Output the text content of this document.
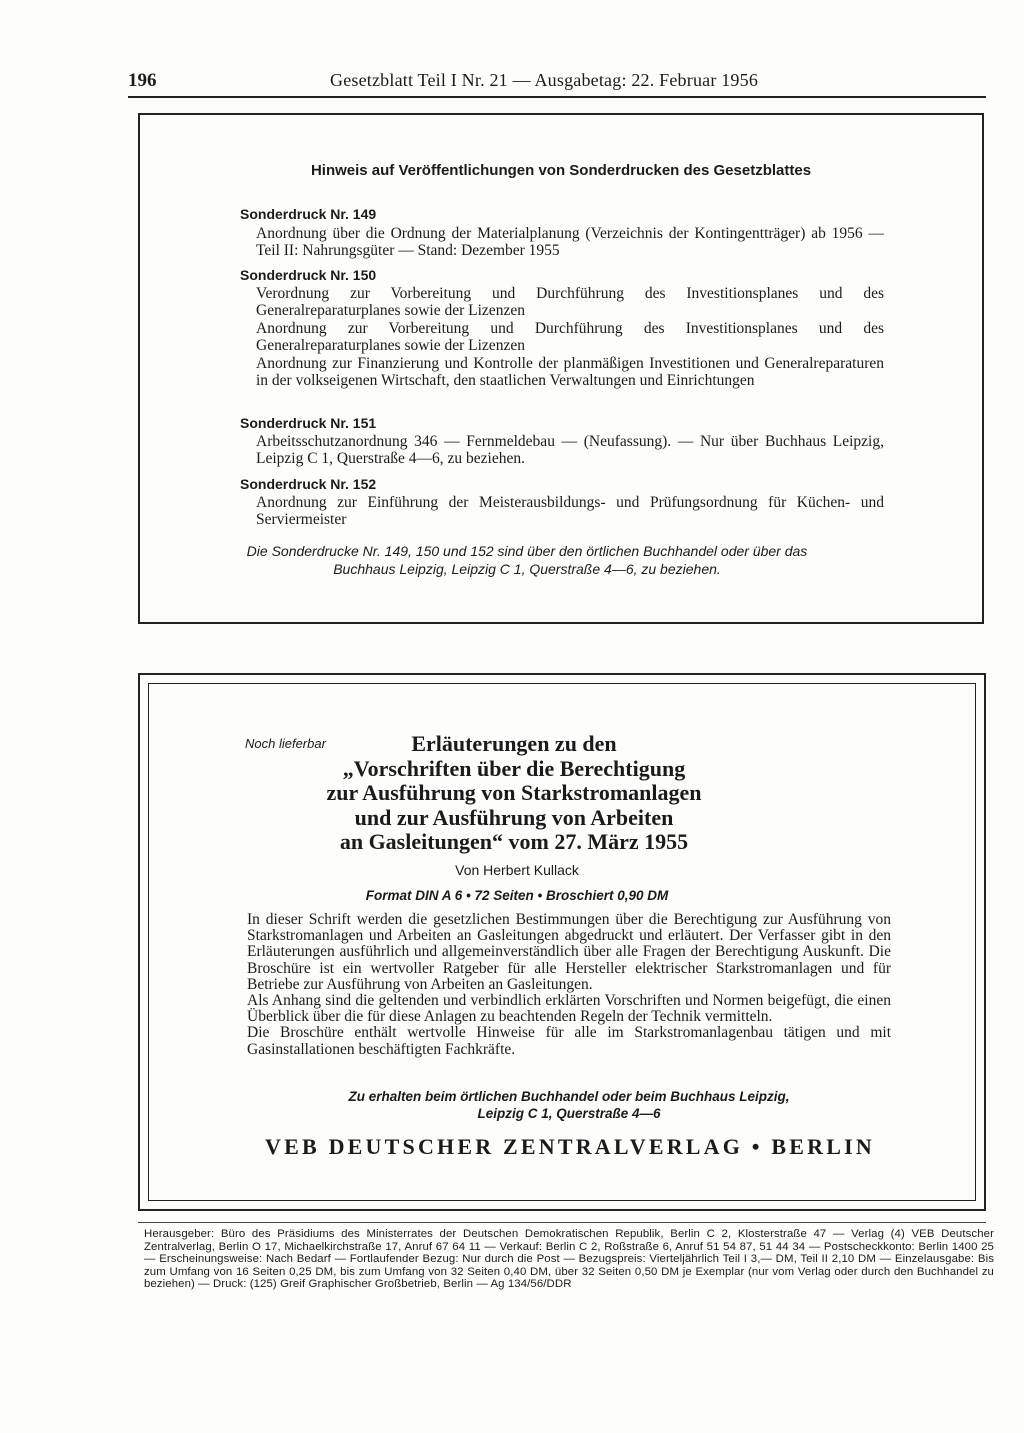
196	Gesetzblatt Teil I Nr. 21 — Ausgabetag: 22. Februar 1956
Hinweis auf Veröffentlichungen von Sonderdrucken des Gesetzblattes
Sonderdruck Nr. 149
Anordnung über die Ordnung der Materialplanung (Verzeichnis der Kontingentträger) ab 1956 — Teil II: Nahrungsgüter — Stand: Dezember 1955
Sonderdruck Nr. 150
Verordnung zur Vorbereitung und Durchführung des Investitionsplanes und des Generalreparaturplanes sowie der Lizenzen
Anordnung zur Vorbereitung und Durchführung des Investitionsplanes und des Generalreparaturplanes sowie der Lizenzen
Anordnung zur Finanzierung und Kontrolle der planmäßigen Investitionen und Generalreparaturen in der volkseigenen Wirtschaft, den staatlichen Verwaltungen und Einrichtungen
Sonderdruck Nr. 151
Arbeitsschutzanordnung 346 — Fernmeldebau — (Neufassung). — Nur über Buchhaus Leipzig, Leipzig C 1, Querstraße 4—6, zu beziehen.
Sonderdruck Nr. 152
Anordnung zur Einführung der Meisterausbildungs- und Prüfungsordnung für Küchen- und Serviermeister
Die Sonderdrucke Nr. 149, 150 und 152 sind über den örtlichen Buchhandel oder über das Buchhaus Leipzig, Leipzig C 1, Querstraße 4—6, zu beziehen.
Noch lieferbar	Erläuterungen zu den
„Vorschriften über die Berechtigung
zur Ausführung von Starkstromanlagen
und zur Ausführung von Arbeiten
an Gasleitungen“ vom 27. März 1955
Von Herbert Kullack
Format DIN A 6 • 72 Seiten • Broschiert 0,90 DM

In dieser Schrift werden die gesetzlichen Bestimmungen über die Berechtigung zur Ausführung von Starkstromanlagen und Arbeiten an Gasleitungen abgedruckt und erläutert. Der Verfasser gibt in den Erläuterungen ausführlich und allgemeinverständlich über alle Fragen der Berechtigung Auskunft. Die Broschüre ist ein wertvoller Ratgeber für alle Hersteller elektrischer Starkstromanlagen und für Betriebe zur Ausführung von Arbeiten an Gasleitungen.

Als Anhang sind die geltenden und verbindlich erklärten Vorschriften und Normen beigefügt, die einen Überblick über die für diese Anlagen zu beachtenden Regeln der Technik vermitteln.

Die Broschüre enthält wertvolle Hinweise für alle im Starkstromanlagenbau tätigen und mit Gasinstallationen beschäftigten Fachkräfte.

Zu erhalten beim örtlichen Buchhandel oder beim Buchhaus Leipzig,
Leipzig C 1, Querstraße 4—6
VEB DEUTSCHER ZENTRALVERLAG • BERLIN
Herausgeber: Büro des Präsidiums des Ministerrates der Deutschen Demokratischen Republik, Berlin C 2, Klosterstraße 47 — Verlag (4) VEB Deutscher Zentralverlag, Berlin O 17, Michaelkirchstraße 17, Anruf 67 64 11 — Verkauf: Berlin C 2, Roßstraße 6, Anruf 51 54 87, 51 44 34 — Postscheckkonto: Berlin 1400 25 — Erscheinungsweise: Nach Bedarf — Fortlaufender Bezug: Nur durch die Post — Bezugspreis: Vierteljährlich Teil I 3,— DM, Teil II 2,10 DM — Einzelausgabe: Bis zum Umfang von 16 Seiten 0,25 DM, bis zum Umfang von 32 Seiten 0,40 DM, über 32 Seiten 0,50 DM je Exemplar (nur vom Verlag oder durch den Buchhandel zu beziehen) — Druck: (125) Greif Graphischer Großbetrieb, Berlin — Ag 134/56/DDR
